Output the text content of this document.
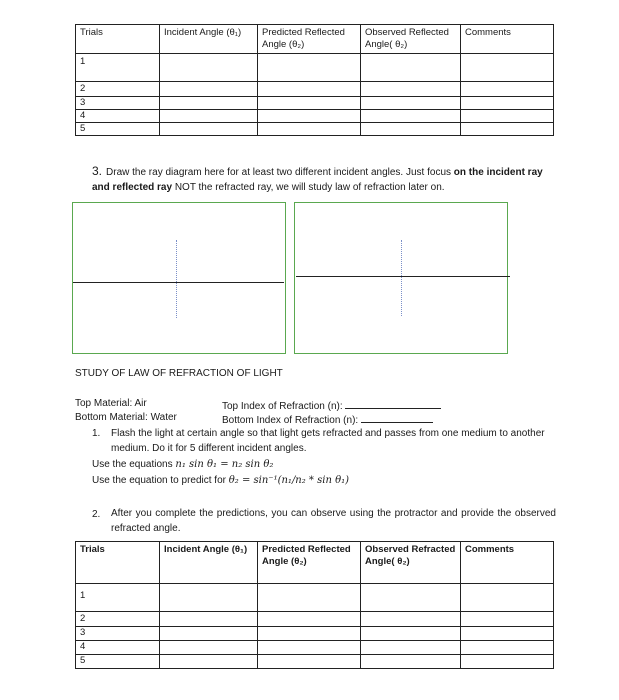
Trials	Incident Angle (θ₁)	Predicted Reflected Angle (θ₂)	Observed Reflected Angle( θ₂)	Comments
1				
2				
3				
4				
5				
3. Draw the ray diagram here for at least two different incident angles. Just focus on the incident ray and reflected ray NOT the refracted ray, we will study law of refraction later on.
STUDY OF LAW OF REFRACTION OF LIGHT
Top Material: Air	Top Index of Refraction (n):
Bottom Material: Water	Bottom Index of Refraction (n):
1. Flash the light at certain angle so that light gets refracted and passes from one medium to another medium. Do it for 5 different incident angles.
Use the equations n₁ sin θ₁ = n₂ sin θ₂
Use the equation to predict for θ₂ = sin⁻¹(n₁/n₂ * sin θ₁)
2. After you complete the predictions, you can observe using the protractor and provide the observed refracted angle.
Trials	Incident Angle (θ₁)	Predicted Reflected Angle (θ₂)	Observed Refracted Angle( θ₂)	Comments
1				
2				
3				
4				
5				
